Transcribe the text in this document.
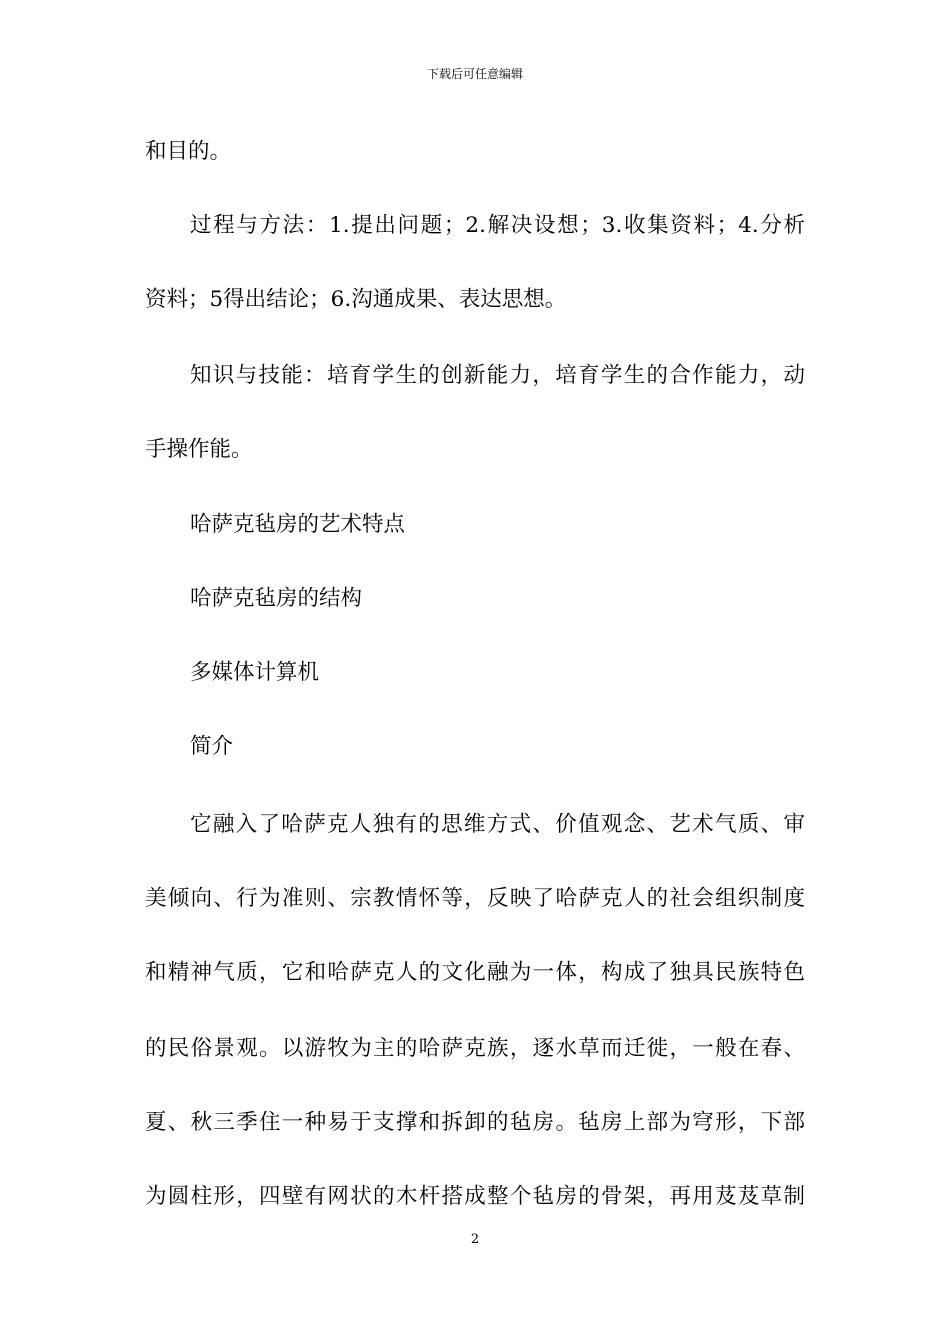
下载后可任意编辑
和目的。
过程与方法：1.提出问题；2.解决设想；3.收集资料；4.分析
资料；5得出结论；6.沟通成果、表达思想。
知识与技能：培育学生的创新能力，培育学生的合作能力，动
手操作能。
哈萨克毡房的艺术特点
哈萨克毡房的结构
多媒体计算机
简介
它融入了哈萨克人独有的思维方式、价值观念、艺术气质、审
美倾向、行为准则、宗教情怀等，反映了哈萨克人的社会组织制度
和精神气质，它和哈萨克人的文化融为一体，构成了独具民族特色
的民俗景观。以游牧为主的哈萨克族，逐水草而迁徙，一般在春、
夏、秋三季住一种易于支撑和拆卸的毡房。毡房上部为穹形，下部
为圆柱形，四壁有网状的木杆搭成整个毡房的骨架，再用芨芨草制
2
